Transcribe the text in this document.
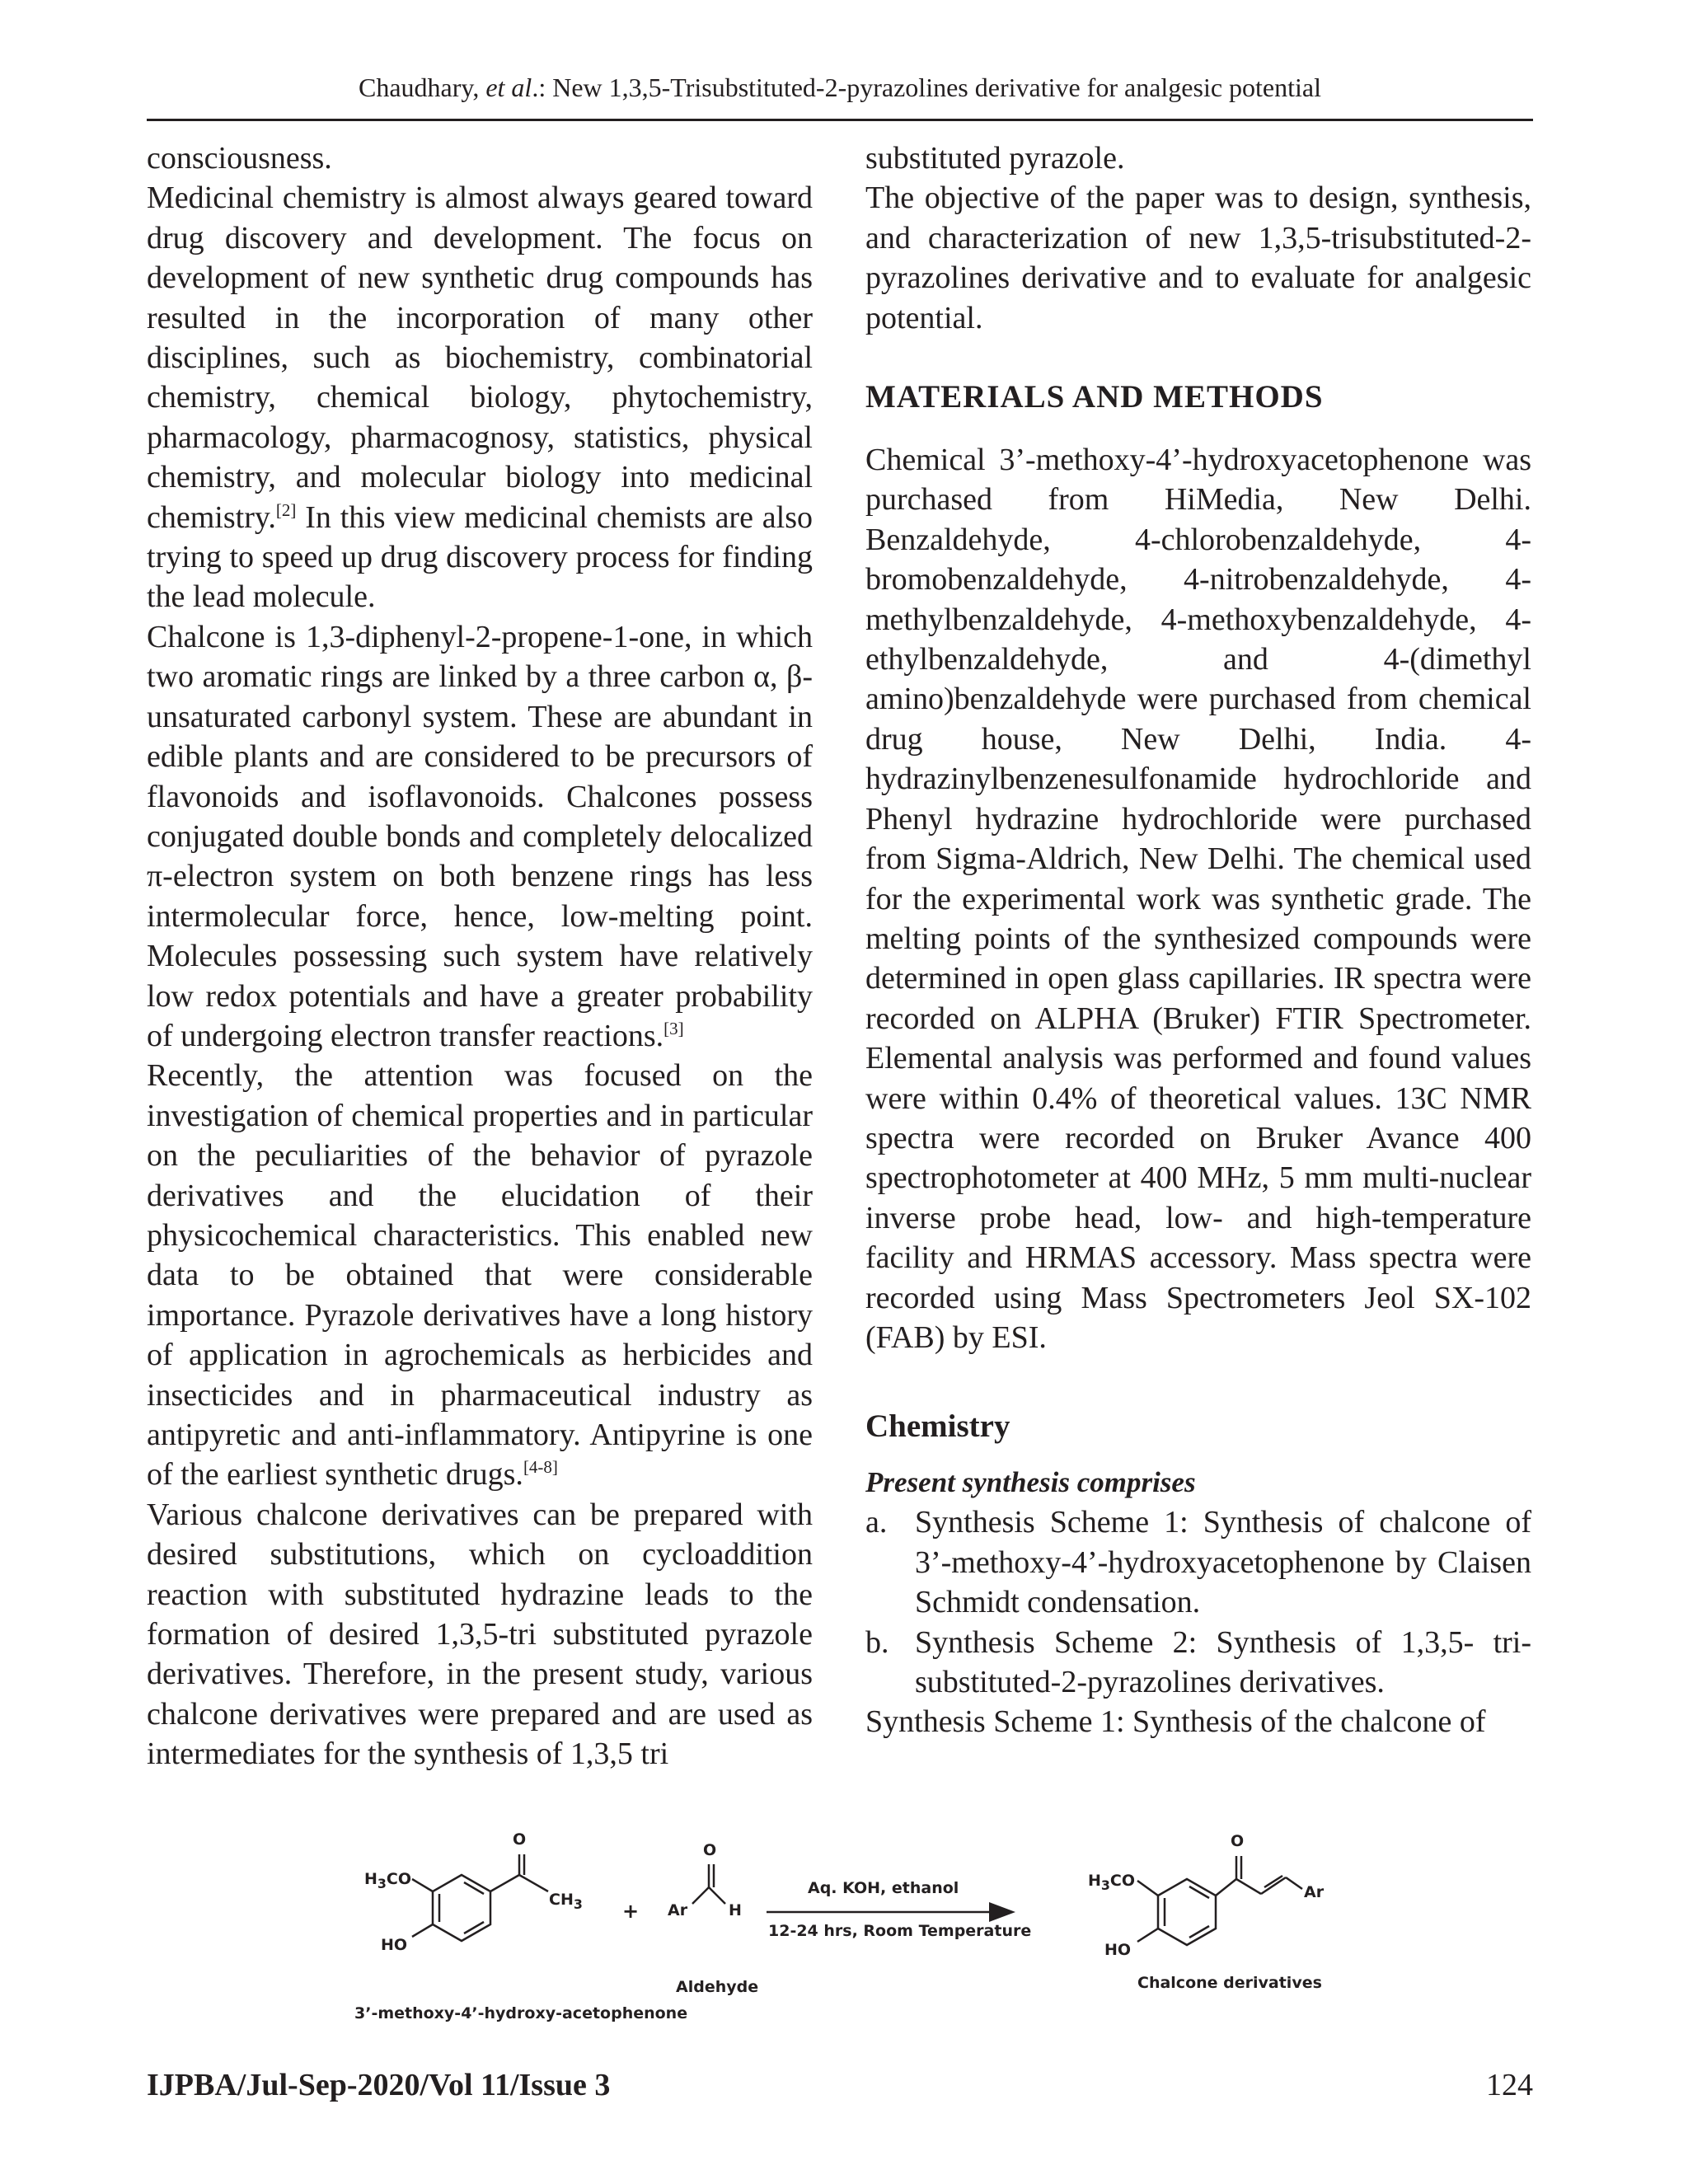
Chaudhary, et al.: New 1,3,5-Trisubstituted-2-pyrazolines derivative for analgesic potential

consciousness.

Medicinal chemistry is almost always geared toward drug discovery and development. The focus on development of new synthetic drug compounds has resulted in the incorporation of many other disciplines, such as biochemistry, combinatorial chemistry, chemical biology, phytochemistry, pharmacology, pharmacognosy, statistics, physical chemistry, and molecular biology into medicinal chemistry.[2] In this view medicinal chemists are also trying to speed up drug discovery process for finding the lead molecule.

Chalcone is 1,3-diphenyl-2-propene-1-one, in which two aromatic rings are linked by a three carbon α, β-unsaturated carbonyl system. These are abundant in edible plants and are considered to be precursors of flavonoids and isoflavonoids. Chalcones possess conjugated double bonds and completely delocalized π-electron system on both benzene rings has less intermolecular force, hence, low-melting point. Molecules possessing such system have relatively low redox potentials and have a greater probability of undergoing electron transfer reactions.[3]

Recently, the attention was focused on the investigation of chemical properties and in particular on the peculiarities of the behavior of pyrazole derivatives and the elucidation of their physicochemical characteristics. This enabled new data to be obtained that were considerable importance. Pyrazole derivatives have a long history of application in agrochemicals as herbicides and insecticides and in pharmaceutical industry as antipyretic and anti-inflammatory. Antipyrine is one of the earliest synthetic drugs.[4-8]

Various chalcone derivatives can be prepared with desired substitutions, which on cycloaddition reaction with substituted hydrazine leads to the formation of desired 1,3,5-tri substituted pyrazole derivatives. Therefore, in the present study, various chalcone derivatives were prepared and are used as intermediates for the synthesis of 1,3,5 tri

substituted pyrazole.

The objective of the paper was to design, synthesis, and characterization of new 1,3,5-trisubstituted-2-pyrazolines derivative and to evaluate for analgesic potential.

MATERIALS AND METHODS

Chemical 3’-methoxy-4’-hydroxyacetophenone was purchased from HiMedia, New Delhi. Benzaldehyde, 4-chlorobenzaldehyde, 4-bromobenzaldehyde, 4-nitrobenzaldehyde, 4-methylbenzaldehyde, 4-methoxybenzaldehyde, 4-ethylbenzaldehyde, and 4-(dimethyl amino)benzaldehyde were purchased from chemical drug house, New Delhi, India. 4-hydrazinylbenzenesulfonamide hydrochloride and Phenyl hydrazine hydrochloride were purchased from Sigma-Aldrich, New Delhi. The chemical used for the experimental work was synthetic grade. The melting points of the synthesized compounds were determined in open glass capillaries. IR spectra were recorded on ALPHA (Bruker) FTIR Spectrometer. Elemental analysis was performed and found values were within 0.4% of theoretical values. 13C NMR spectra were recorded on Bruker Avance 400 spectrophotometer at 400 MHz, 5 mm multi-nuclear inverse probe head, low- and high-temperature facility and HRMAS accessory. Mass spectra were recorded using Mass Spectrometers Jeol SX-102 (FAB) by ESI.

Chemistry
Present synthesis comprises
a. Synthesis Scheme 1: Synthesis of chalcone of 3’-methoxy-4’-hydroxyacetophenone by Claisen Schmidt condensation.
b. Synthesis Scheme 2: Synthesis of 1,3,5- tri-substituted-2-pyrazolines derivatives.

Synthesis Scheme 1: Synthesis of the chalcone of

O
$H_3CO$
$CH_3$
HO
+
O
Ar	H
Aq. KOH, ethanol
12-24 hrs, Room Temperature
O
$H_3CO$
Ar
HO
Aldehyde	Chalcone derivatives
3’-methoxy-4’-hydroxy-acetophenone
IJPBA/Jul-Sep-2020/Vol 11/Issue 3	124
